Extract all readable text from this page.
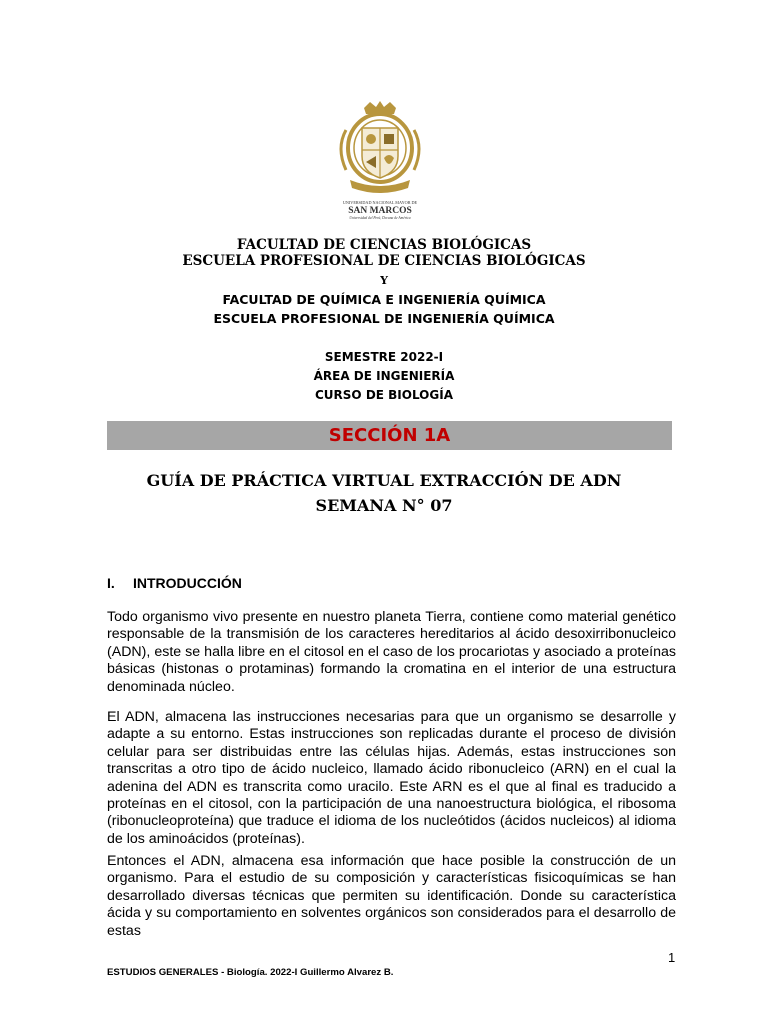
UNIVERSIDAD NACIONAL MAYOR DE
SAN MARCOS
Universidad del Perú, Decana de América
FACULTAD DE CIENCIAS BIOLÓGICAS
ESCUELA PROFESIONAL DE CIENCIAS BIOLÓGICAS
Y
FACULTAD DE QUÍMICA E INGENIERÍA QUÍMICA
ESCUELA PROFESIONAL DE INGENIERÍA QUÍMICA
SEMESTRE 2022-I
ÁREA DE INGENIERÍA
CURSO DE BIOLOGÍA
SECCIÓN 1A
GUÍA DE PRÁCTICA VIRTUAL EXTRACCIÓN DE ADN
SEMANA N° 07
I. INTRODUCCIÓN

Todo organismo vivo presente en nuestro planeta Tierra, contiene como material genético responsable de la transmisión de los caracteres hereditarios al ácido desoxirribonucleico (ADN), este se halla libre en el citosol en el caso de los procariotas y asociado a proteínas básicas (histonas o protaminas) formando la cromatina en el interior de una estructura denominada núcleo.

El ADN, almacena las instrucciones necesarias para que un organismo se desarrolle y adapte a su entorno. Estas instrucciones son replicadas durante el proceso de división celular para ser distribuidas entre las células hijas. Además, estas instrucciones son transcritas a otro tipo de ácido nucleico, llamado ácido ribonucleico (ARN) en el cual la adenina del ADN es transcrita como uracilo. Este ARN es el que al final es traducido a proteínas en el citosol, con la participación de una nanoestructura biológica, el ribosoma (ribonucleoproteína) que traduce el idioma de los nucleótidos (ácidos nucleicos) al idioma de los aminoácidos (proteínas).

Entonces el ADN, almacena esa información que hace posible la construcción de un organismo. Para el estudio de su composición y características fisicoquímicas se han desarrollado diversas técnicas que permiten su identificación. Donde su característica ácida y su comportamiento en solventes orgánicos son considerados para el desarrollo de estas

1
ESTUDIOS GENERALES - Biología. 2022-I Guillermo Alvarez B.
